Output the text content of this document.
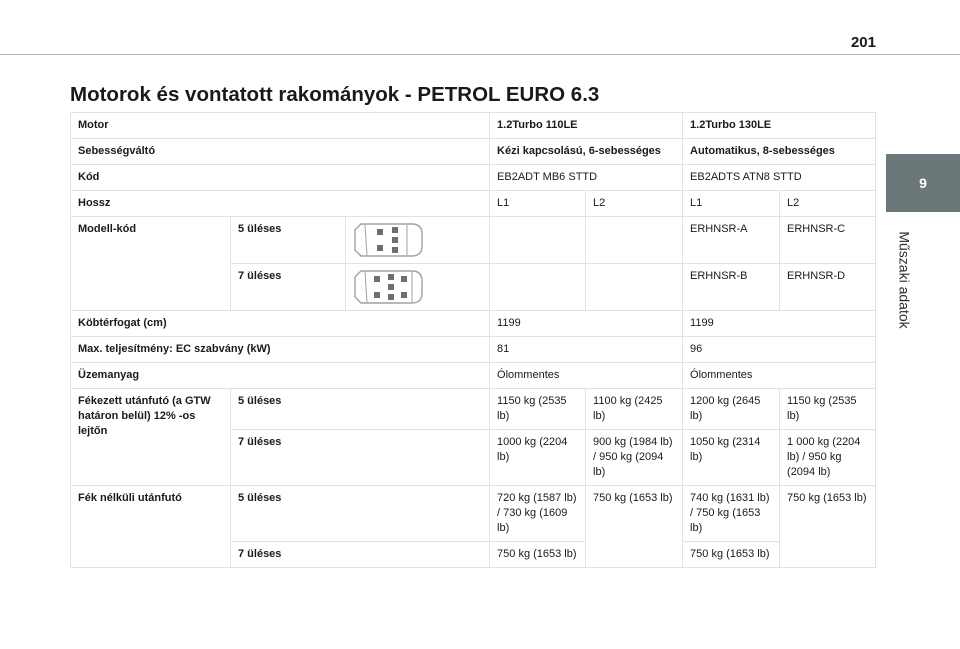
201
9
Műszaki adatok
Motorok és vontatott rakományok - PETROL EURO 6.3
Motor			1.2Turbo 110LE		1.2Turbo 130LE	
Sebességváltó			Kézi kapcsolású, 6-sebességes		Automatikus, 8-sebességes	
Kód			EB2ADT MB6 STTD		EB2ADTS ATN8 STTD	
Hossz			L1	L2	L1	L2
Modell-kód	5 üléses				ERHNSR-A	ERHNSR-C
	7 üléses				ERHNSR-B	ERHNSR-D
Köbtérfogat (cm)			1199		1199	
Max. teljesítmény: EC szabvány (kW)			81		96	
Üzemanyag			Ólommentes		Ólommentes	
Fékezett utánfutó (a GTW határon belül) 12% -os lejtőn	5 üléses		1150 kg (2535 lb)	1100 kg (2425 lb)	1200 kg (2645 lb)	1150 kg (2535 lb)
	7 üléses		1000 kg (2204 lb)	900 kg (1984 lb) / 950 kg (2094 lb)	1050 kg (2314 lb)	1 000 kg (2204 lb) / 950 kg (2094 lb)
Fék nélküli utánfutó	5 üléses		720 kg (1587 lb) / 730 kg (1609 lb)	750 kg (1653 lb)	740 kg (1631 lb) / 750 kg (1653 lb)	750 kg (1653 lb)
	7 üléses		750 kg (1653 lb)		750 kg (1653 lb)	
